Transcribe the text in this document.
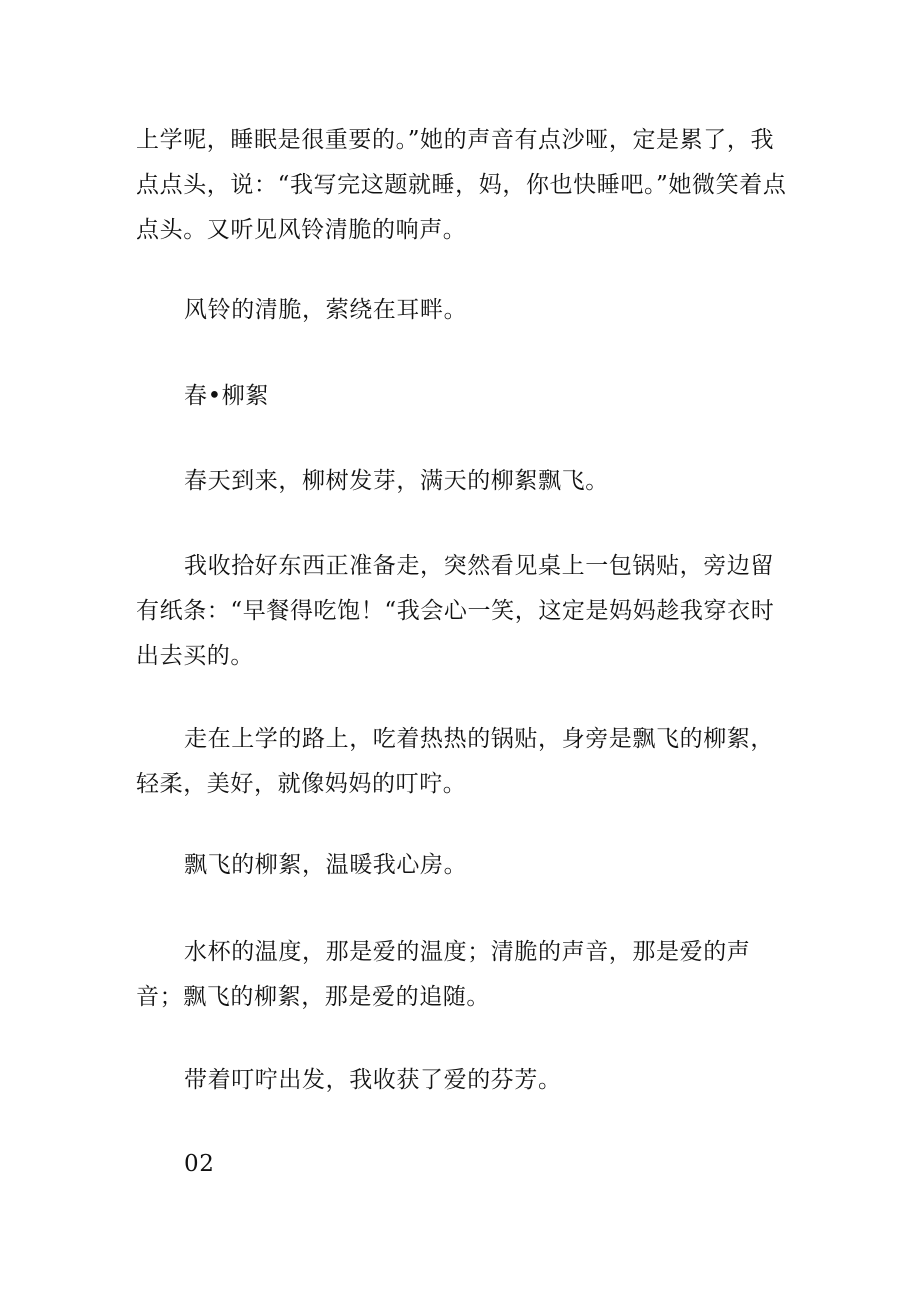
上学呢，睡眠是很重要的。”她的声音有点沙哑，定是累了，我点点头，说：“我写完这题就睡，妈，你也快睡吧。”她微笑着点点头。又听见风铃清脆的响声。

风铃的清脆，萦绕在耳畔。

春•柳絮

春天到来，柳树发芽，满天的柳絮飘飞。

我收拾好东西正准备走，突然看见桌上一包锅贴，旁边留有纸条：“早餐得吃饱！“我会心一笑，这定是妈妈趁我穿衣时出去买的。

走在上学的路上，吃着热热的锅贴，身旁是飘飞的柳絮，轻柔，美好，就像妈妈的叮咛。

飘飞的柳絮，温暖我心房。

水杯的温度，那是爱的温度；清脆的声音，那是爱的声音；飘飞的柳絮，那是爱的追随。

带着叮咛出发，我收获了爱的芬芳。

02
